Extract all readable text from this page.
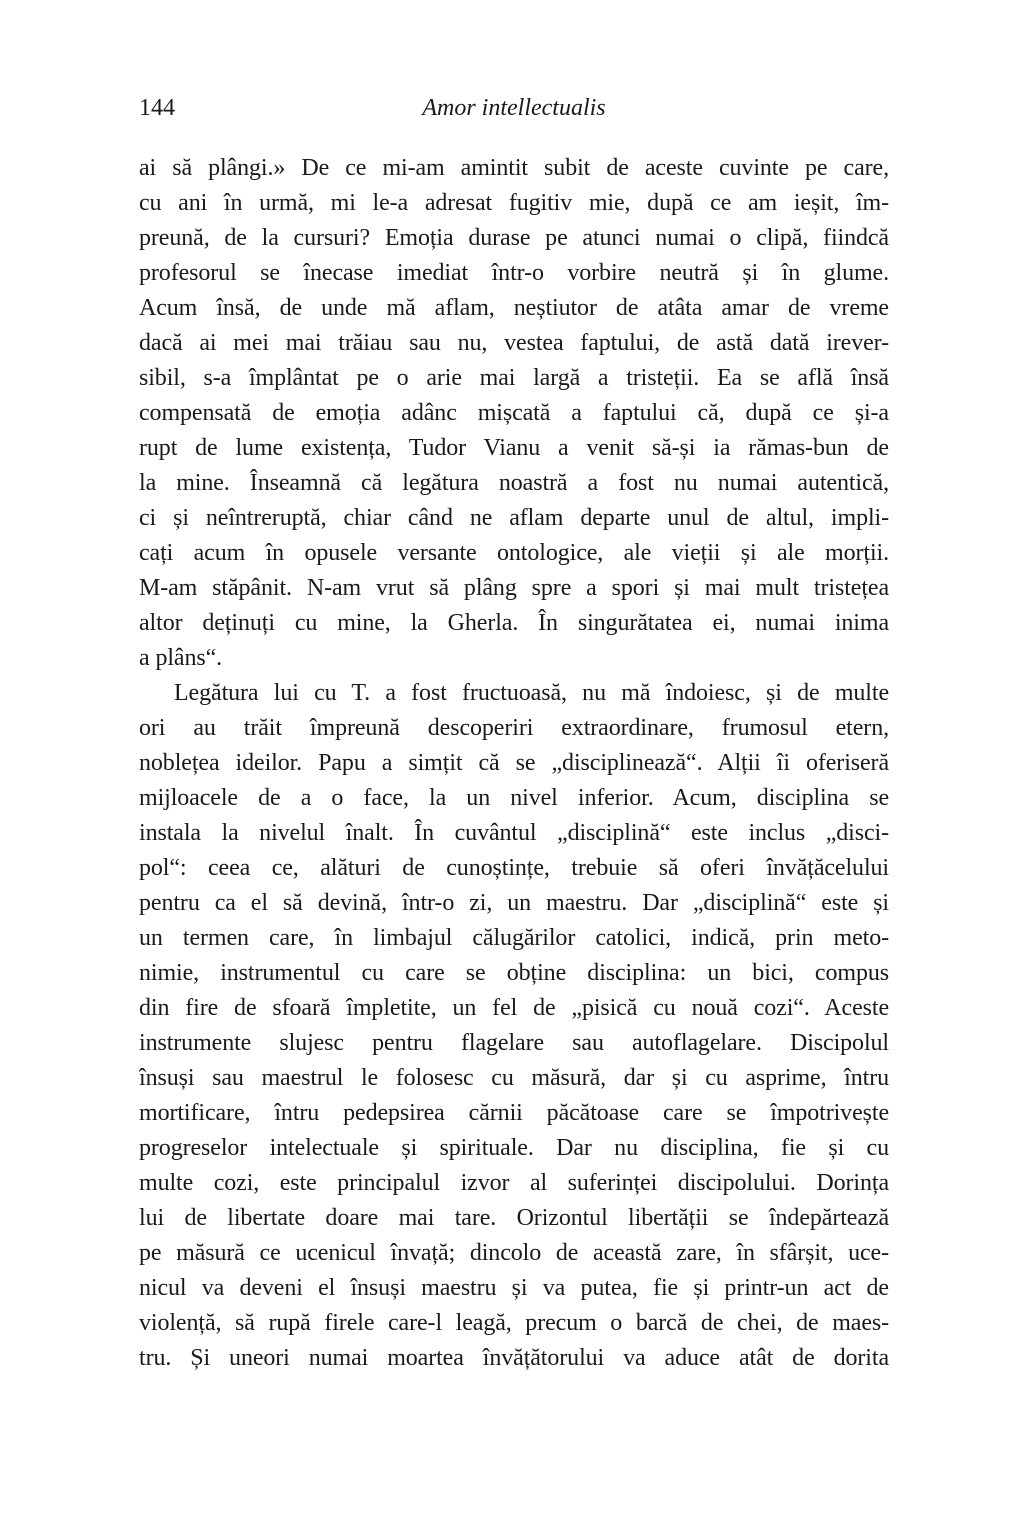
144	Amor intellectualis
ai să plângi.» De ce mi-am amintit subit de aceste cuvinte pe care,
cu ani în urmă, mi le-a adresat fugitiv mie, după ce am ieșit, îm-
preună, de la cursuri? Emoția durase pe atunci numai o clipă, fiindcă
profesorul se înecase imediat într-o vorbire neutră și în glume.
Acum însă, de unde mă aflam, neștiutor de atâta amar de vreme
dacă ai mei mai trăiau sau nu, vestea faptului, de astă dată irever-
sibil, s-a împlântat pe o arie mai largă a tristeții. Ea se află însă
compensată de emoția adânc mișcată a faptului că, după ce și-a
rupt de lume existența, Tudor Vianu a venit să-și ia rămas-bun de
la mine. Înseamnă că legătura noastră a fost nu numai autentică,
ci și neîntreruptă, chiar când ne aflam departe unul de altul, impli-
cați acum în opusele versante ontologice, ale vieții și ale morții.
M-am stăpânit. N-am vrut să plâng spre a spori și mai mult tristețea
altor deținuți cu mine, la Gherla. În singurătatea ei, numai inima
a plâns“.
Legătura lui cu T. a fost fructuoasă, nu mă îndoiesc, și de multe
ori au trăit împreună descoperiri extraordinare, frumosul etern,
noblețea ideilor. Papu a simțit că se „disciplinează“. Alții îi oferiseră
mijloacele de a o face, la un nivel inferior. Acum, disciplina se
instala la nivelul înalt. În cuvântul „disciplină“ este inclus „disci-
pol“: ceea ce, alături de cunoștințe, trebuie să oferi învățăcelului
pentru ca el să devină, într-o zi, un maestru. Dar „disciplină“ este și
un termen care, în limbajul călugărilor catolici, indică, prin meto-
nimie, instrumentul cu care se obține disciplina: un bici, compus
din fire de sfoară împletite, un fel de „pisică cu nouă cozi“. Aceste
instrumente slujesc pentru flagelare sau autoflagelare. Discipolul
însuși sau maestrul le folosesc cu măsură, dar și cu asprime, întru
mortificare, întru pedepsirea cărnii păcătoase care se împotrivește
progreselor intelectuale și spirituale. Dar nu disciplina, fie și cu
multe cozi, este principalul izvor al suferinței discipolului. Dorința
lui de libertate doare mai tare. Orizontul libertății se îndepărtează
pe măsură ce ucenicul învață; dincolo de această zare, în sfârșit, uce-
nicul va deveni el însuși maestru și va putea, fie și printr-un act de
violență, să rupă firele care-l leagă, precum o barcă de chei, de maes-
tru. Și uneori numai moartea învățătorului va aduce atât de dorita
